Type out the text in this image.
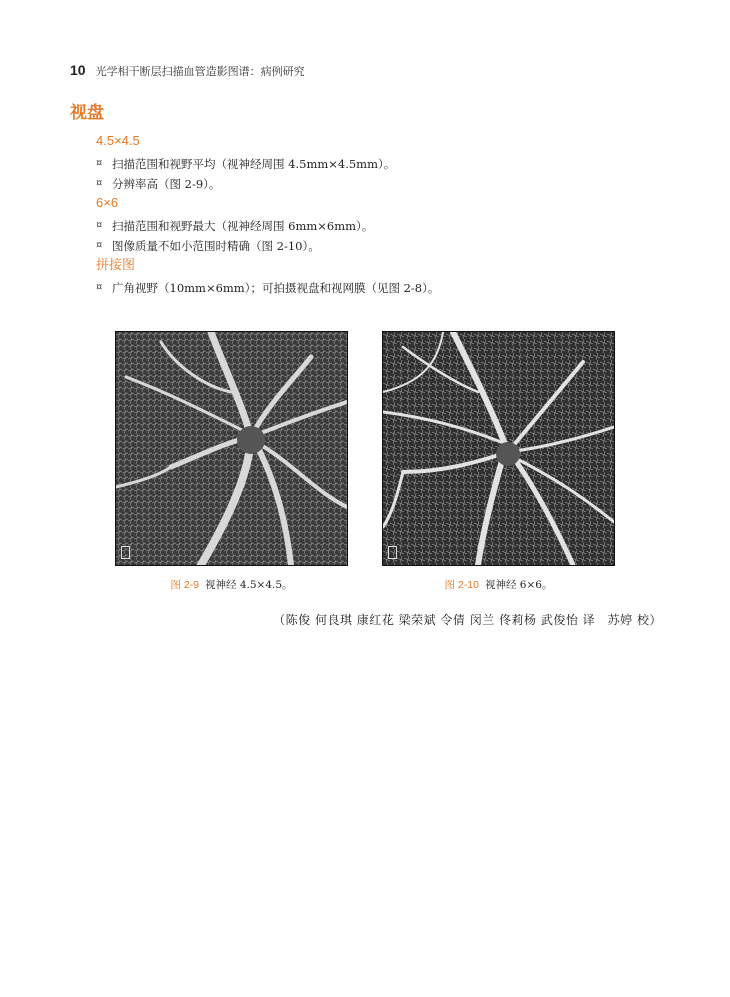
10 光学相干断层扫描血管造影图谱：病例研究
视盘
4.5×4.5
¤ 扫描范围和视野平均（视神经周围 4.5mm×4.5mm）。
¤ 分辨率高（图 2-9）。
6×6
¤ 扫描范围和视野最大（视神经周围 6mm×6mm）。
¤ 图像质量不如小范围时精确（图 2-10）。
拼接图
¤ 广角视野（10mm×6mm）；可拍摄视盘和视网膜（见图 2-8）。
图 2-9 视神经 4.5×4.5。	图 2-10 视神经 6×6。
（陈俊 何良琪 康红花 梁荣斌 令倩 闵兰 佟莉杨 武俊怡 译　苏婷 校）
